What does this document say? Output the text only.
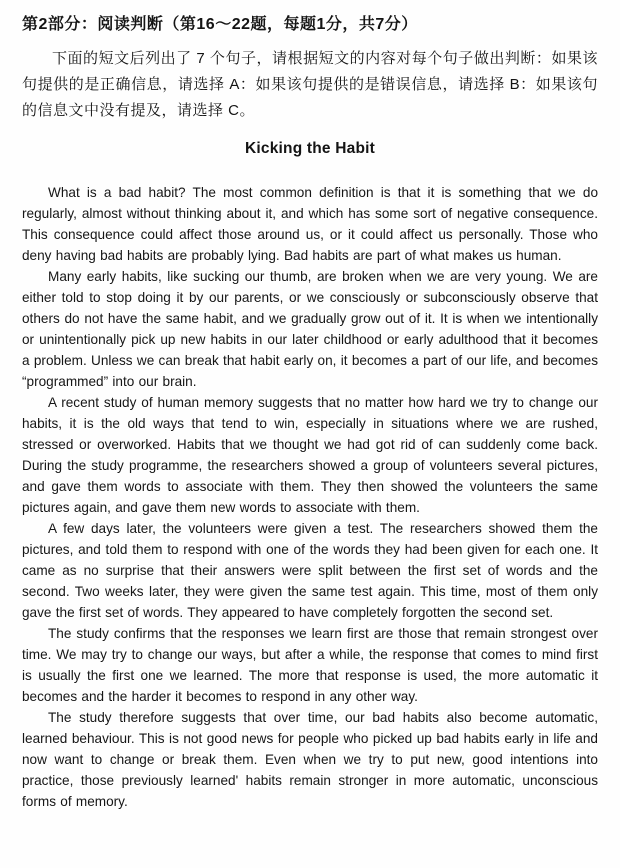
第2部分：阅读判断（第16～22题，每题1分，共7分）

下面的短文后列出了 7 个句子，请根据短文的内容对每个句子做出判断：如果该句提供的是正确信息，请选择 A：如果该句提供的是错误信息，请选择 B：如果该句的信息文中没有提及，请选择 C。

Kicking the Habit

What is a bad habit? The most common definition is that it is something that we do regularly, almost without thinking about it, and which has some sort of negative consequence. This consequence could affect those around us, or it could affect us personally. Those who deny having bad habits are probably lying. Bad habits are part of what makes us human.

Many early habits, like sucking our thumb, are broken when we are very young. We are either told to stop doing it by our parents, or we consciously or subconsciously observe that others do not have the same habit, and we gradually grow out of it. It is when we intentionally or unintentionally pick up new habits in our later childhood or early adulthood that it becomes a problem. Unless we can break that habit early on, it becomes a part of our life, and becomes “programmed” into our brain.

A recent study of human memory suggests that no matter how hard we try to change our habits, it is the old ways that tend to win, especially in situations where we are rushed, stressed or overworked. Habits that we thought we had got rid of can suddenly come back. During the study programme, the researchers showed a group of volunteers several pictures, and gave them words to associate with them. They then showed the volunteers the same pictures again, and gave them new words to associate with them.

A few days later, the volunteers were given a test. The researchers showed them the pictures, and told them to respond with one of the words they had been given for each one. It came as no surprise that their answers were split between the first set of words and the second. Two weeks later, they were given the same test again. This time, most of them only gave the first set of words. They appeared to have completely forgotten the second set.

The study confirms that the responses we learn first are those that remain strongest over time. We may try to change our ways, but after a while, the response that comes to mind first is usually the first one we learned. The more that response is used, the more automatic it becomes and the harder it becomes to respond in any other way.

The study therefore suggests that over time, our bad habits also become automatic, learned behaviour. This is not good news for people who picked up bad habits early in life and now want to change or break them. Even when we try to put new, good intentions into practice, those previously learned' habits remain stronger in more automatic, unconscious forms of memory.
